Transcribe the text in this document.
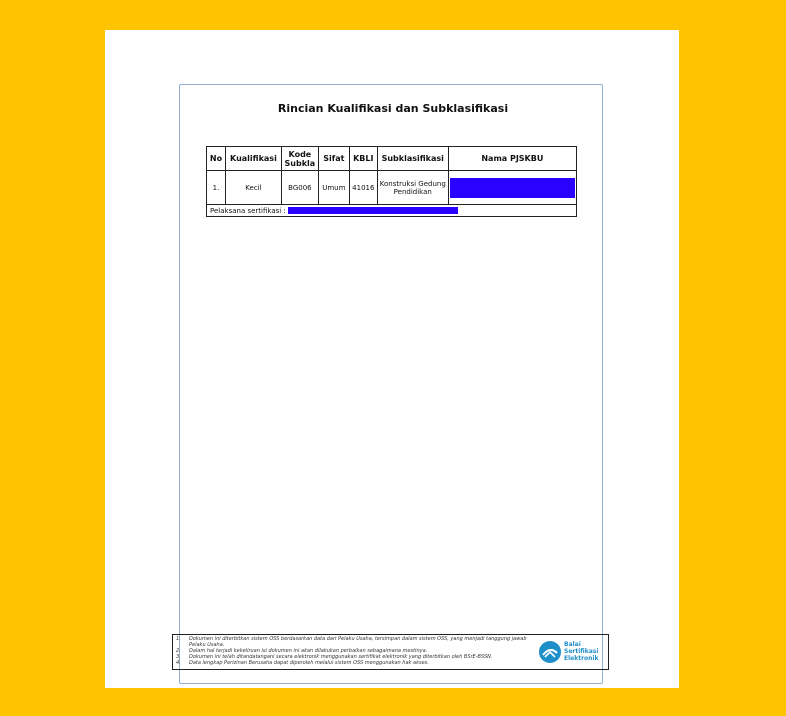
Rincian Kualifikasi dan Subklasifikasi
No	Kualifikasi	Kode Subkla	Sifat	KBLI	Subklasifikasi	Nama PJSKBU
1.	Kecil	BG006	Umum	41016	Konstruksi Gedung Pendidikan	

Pelaksana sertifikasi :						
1. Dokumen ini diterbitkan sistem OSS berdasarkan data dari Pelaku Usaha, tersimpan dalam sistem OSS, yang menjadi tanggung jawab
Pelaku Usaha.
2. Dalam hal terjadi kekeliruan isi dokumen ini akan dilakukan perbaikan sebagaimana mestinya.
3. Dokumen ini telah ditandatangani secara elektronik menggunakan sertifikat elektronik yang diterbitkan oleh BSrE-BSSN.
4. Data lengkap Perizinan Berusaha dapat diperoleh melalui sistem OSS menggunakan hak akses.
Balai
Sertifikasi
Elektronik
